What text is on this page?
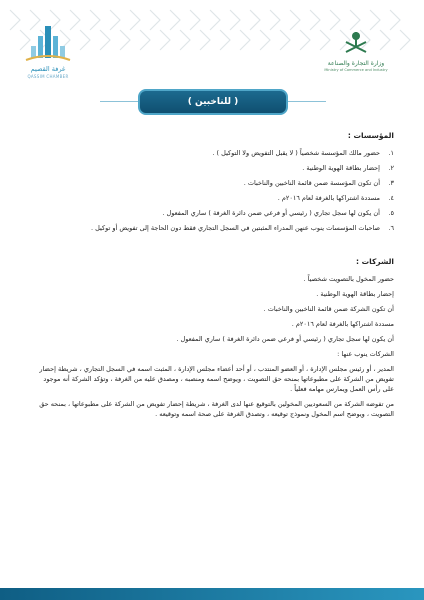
غرفة القصيم
QASSIM CHAMBER
وزارة التجارة والصناعة
Ministry of Commerce and Industry
( للناخبين )
المؤسسات :
١.
حضور مالك المؤسسة شخصياً ( لا يقبل التفويض ولا التوكيل ) .
٢.
إحضار بطاقة الهوية الوطنية .
٣.
أن تكون المؤسسة ضمن قائمة الناخبين والناخبات .
٤.
مسددة اشتراكها بالغرفة لعام ٢٠١٦م .
٥.
أن يكون لها سجل تجاري ( رئيسي أو فرعي ضمن دائرة الغرفة ) ساري المفعول .
٦.
صاحبات المؤسسات ينوب عنهن المدراء المثبتين في السجل التجاري فقط دون الحاجة إلى تفويض أو توكيل .
الشركات :
حضور المخول بالتصويت شخصياً .
إحضار بطاقة الهوية الوطنية .
أن تكون الشركة ضمن قائمة الناخبين والناخبات .
مسددة اشتراكها بالغرفة لعام ٢٠١٦م .
أن يكون لها سجل تجاري ( رئيسي أو فرعي ضمن دائرة الغرفة ) ساري المفعول .
الشركات ينوب عنها :
المدير ، أو رئيس مجلس الإدارة ، أو العضو المنتدب ، أو أحد أعضاء مجلس الإدارة ، المثبت اسمه في السجل التجاري ، شريطة إحضار تفويض من الشركة على مطبوعاتها بمنحه حق التصويت ، ويوضح اسمه ومنصبه ، ومصدق عليه من الغرفة ، وتؤكد الشركة أنه موجود على رأس العمل ويمارس مهامه فعلياً .
من تفوضه الشركة من السعوديين المخولين بالتوقيع عنها لدى الغرفة ، شريطة إحضار تفويض من الشركة على مطبوعاتها ، بمنحه حق التصويت ، ويوضح اسم المخول ونموذج توقيعه ، وتصدق الغرفة على صحة اسمه وتوقيعه .
